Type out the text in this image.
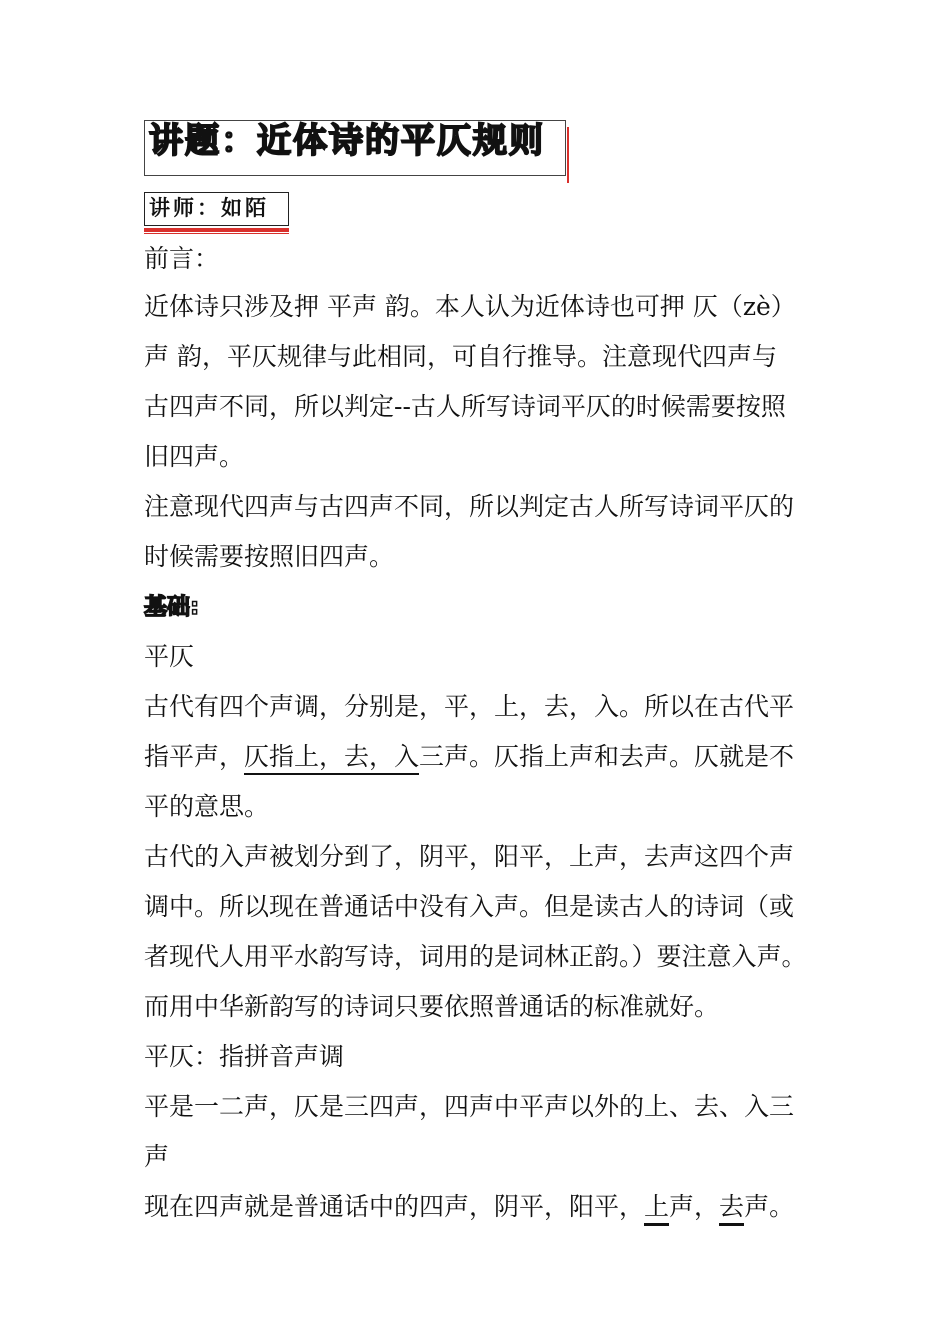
讲题：近体诗的平仄规则
讲师：如陌
前言：
近体诗只涉及押 平声 韵。本人认为近体诗也可押 仄（zè）
声 韵，平仄规律与此相同，可自行推导。注意现代四声与
古四声不同，所以判定--古人所写诗词平仄的时候需要按照
旧四声。
注意现代四声与古四声不同，所以判定古人所写诗词平仄的
时候需要按照旧四声。
基础:
平仄
古代有四个声调，分别是，平，上，去，入。所以在古代平
指平声，仄指上，去，入三声。仄指上声和去声。仄就是不
平的意思。
古代的入声被划分到了，阴平，阳平，上声，去声这四个声
调中。所以现在普通话中没有入声。但是读古人的诗词（或
者现代人用平水韵写诗，词用的是词林正韵。）要注意入声。
而用中华新韵写的诗词只要依照普通话的标准就好。
平仄：指拼音声调
平是一二声，仄是三四声，四声中平声以外的上、去、入三
声
现在四声就是普通话中的四声，阴平，阳平，上声，去声。
